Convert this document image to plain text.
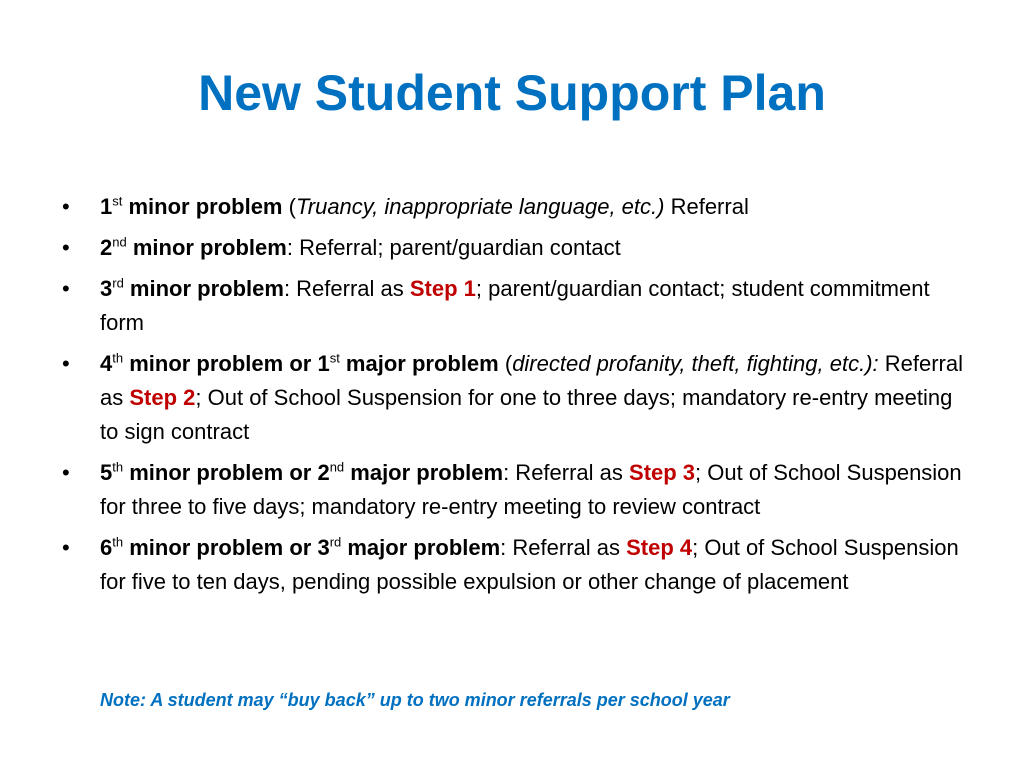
New Student Support Plan
• 1st minor problem (Truancy, inappropriate language, etc.) Referral
• 2nd minor problem: Referral; parent/guardian contact
• 3rd minor problem: Referral as Step 1; parent/guardian contact; student commitment form
• 4th minor problem or 1st major problem (directed profanity, theft, fighting, etc.): Referral as Step 2; Out of School Suspension for one to three days; mandatory re-entry meeting to sign contract
• 5th minor problem or 2nd major problem: Referral as Step 3; Out of School Suspension for three to five days; mandatory re-entry meeting to review contract
• 6th minor problem or 3rd major problem: Referral as Step 4; Out of School Suspension for five to ten days, pending possible expulsion or other change of placement
Note: A student may “buy back” up to two minor referrals per school year
